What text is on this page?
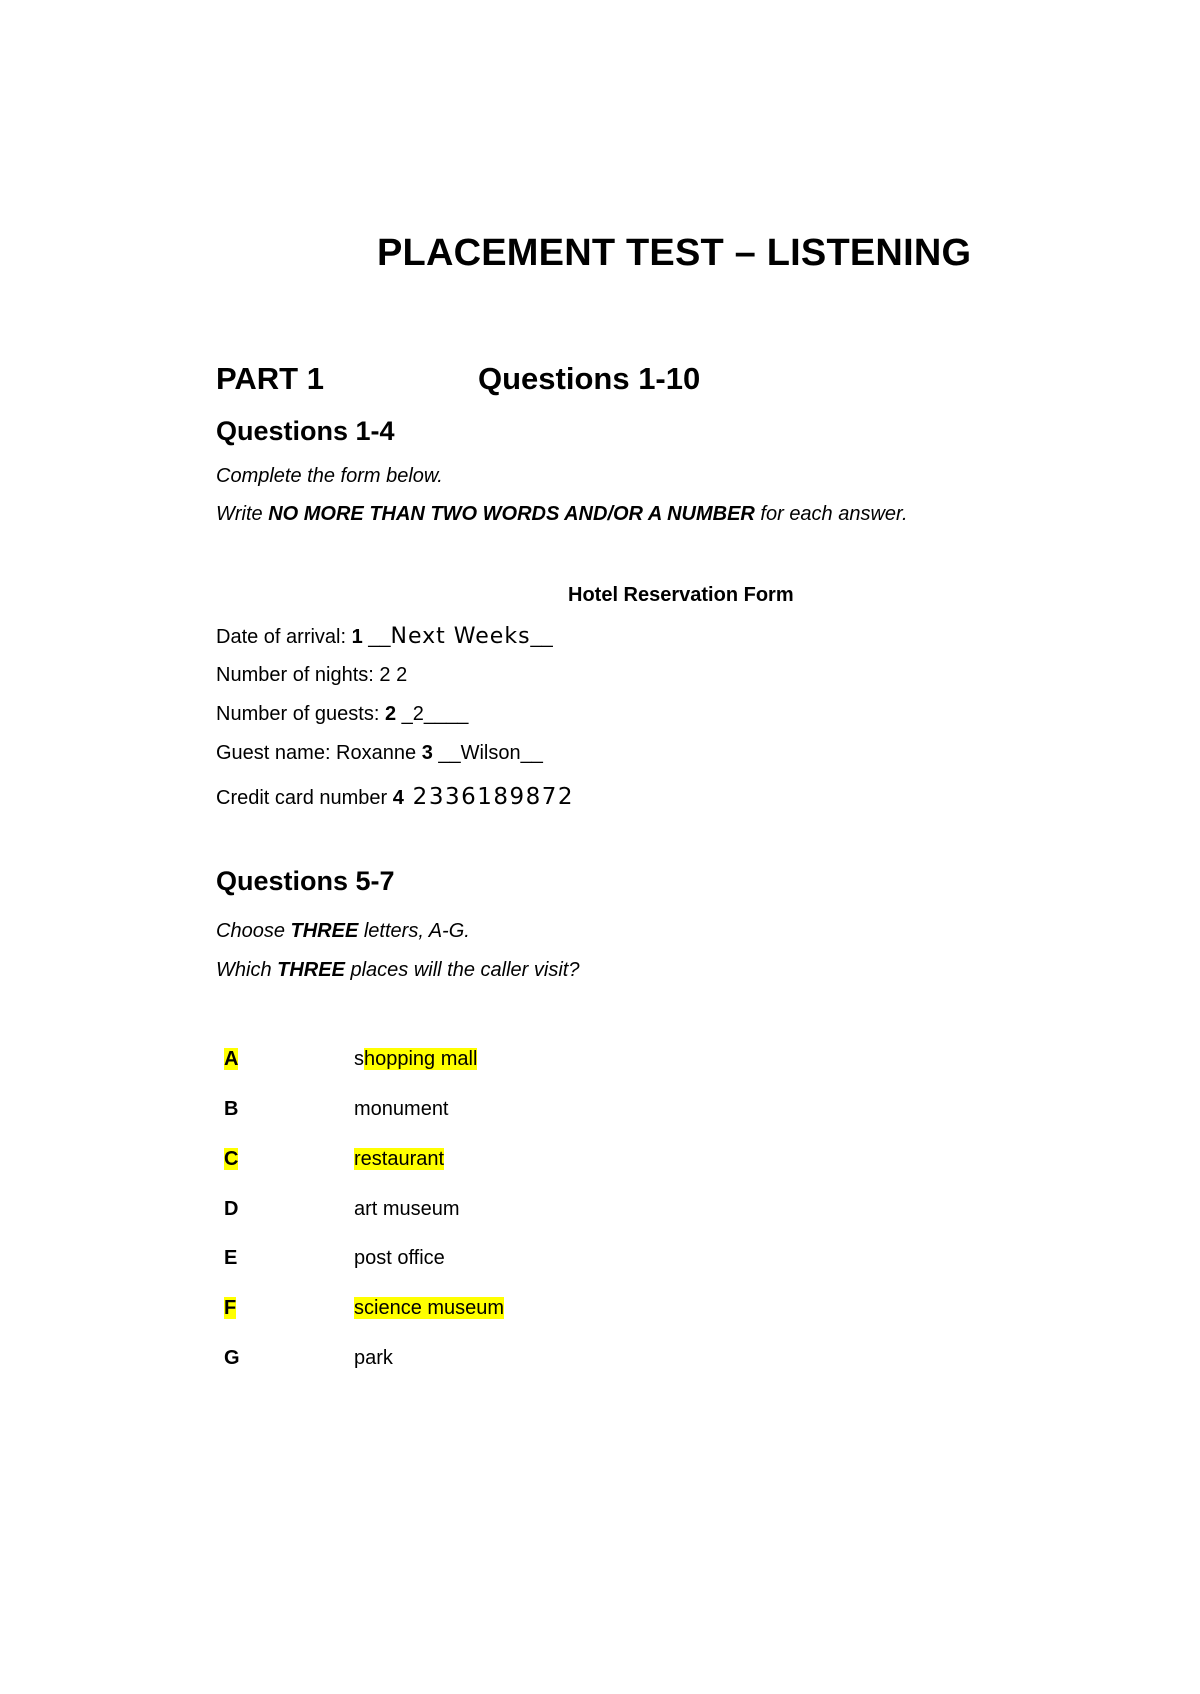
PLACEMENT TEST – LISTENING
PART 1	Questions 1-10
Questions 1-4
Complete the form below.
Write NO MORE THAN TWO WORDS AND/OR A NUMBER for each answer.
Hotel Reservation Form
Date of arrival: 1 __Next Weeks__
Number of nights: 2 2
Number of guests: 2 _2____
Guest name: Roxanne 3 __Wilson__
Credit card number 4 2336189872
Questions 5-7
Choose THREE letters, A-G.
Which THREE places will the caller visit?
A	shopping mall
B	monument
C	restaurant
D	art museum
E	post office
F	science museum
G	park
